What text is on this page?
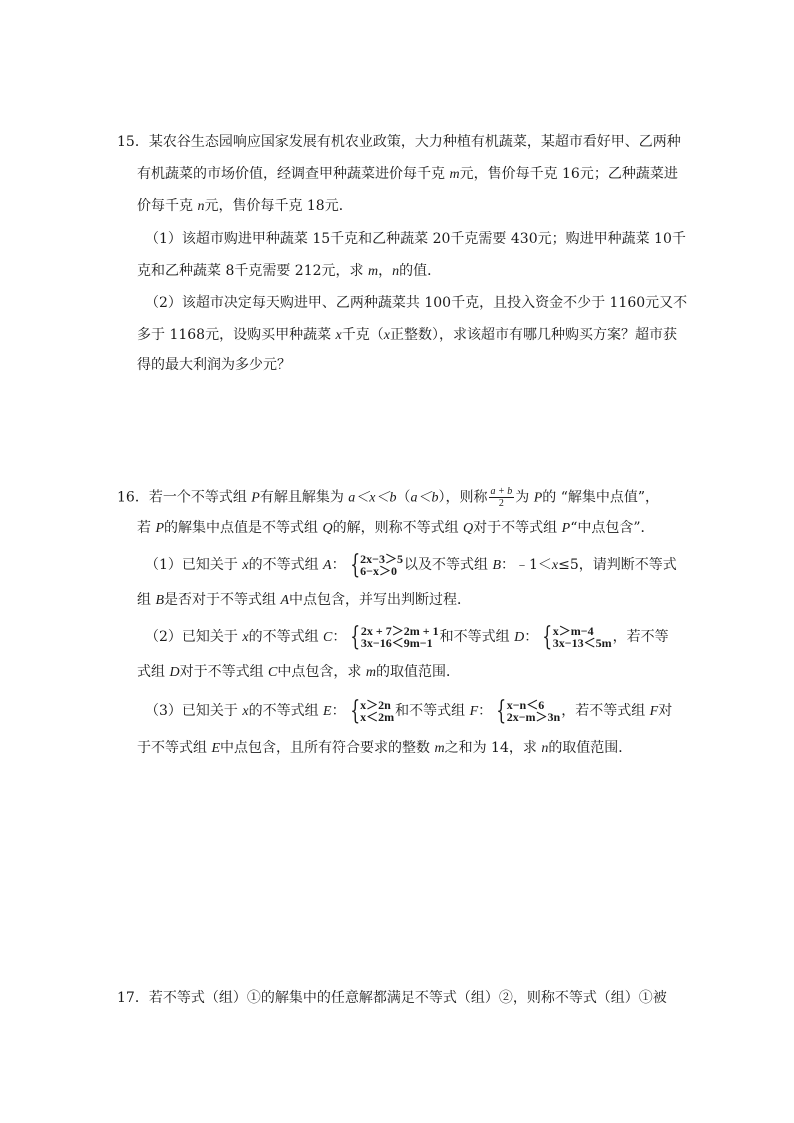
15．某农谷生态园响应国家发展有机农业政策，大力种植有机蔬菜，某超市看好甲、乙两种
有机蔬菜的市场价值，经调查甲种蔬菜进价每千克 m元，售价每千克 16元；乙种蔬菜进
价每千克 n元，售价每千克 18元．
（1）该超市购进甲种蔬菜 15千克和乙种蔬菜 20千克需要 430元；购进甲种蔬菜 10千
克和乙种蔬菜 8千克需要 212元，求 m，n的值．
（2）该超市决定每天购进甲、乙两种蔬菜共 100千克，且投入资金不少于 1160元又不
多于 1168元，设购买甲种蔬菜 x千克（x正整数），求该超市有哪几种购买方案？超市获
得的最大利润为多少元？
16．若一个不等式组 P有解且解集为 a＜x＜b（a＜b），则称 $\frac{a + b}{2}$ 为 P的 “解集中点值”，
若 P的解集中点值是不等式组 Q的解，则称不等式组 Q对于不等式组 P“中点包含”．
（1）已知关于 x的不等式组 A： { 2x−3＞5
6−x＞0 以及不等式组 B：﹣1＜x≤5，请判断不等式
组 B是否对于不等式组 A中点包含，并写出判断过程．
（2）已知关于 x的不等式组 C： { 2x + 7＞2m + 1
3x−16＜9m−1 和不等式组 D： { x＞m−4
3x−13＜5m ，若不等
式组 D对于不等式组 C中点包含，求 m的取值范围．
（3）已知关于 x的不等式组 E： { x＞2n
x＜2m 和不等式组 F： { x−n＜6
2x−m＞3n ，若不等式组 F对
于不等式组 E中点包含，且所有符合要求的整数 m之和为 14，求 n的取值范围．
17．若不等式（组）①的解集中的任意解都满足不等式（组）②，则称不等式（组）①被
